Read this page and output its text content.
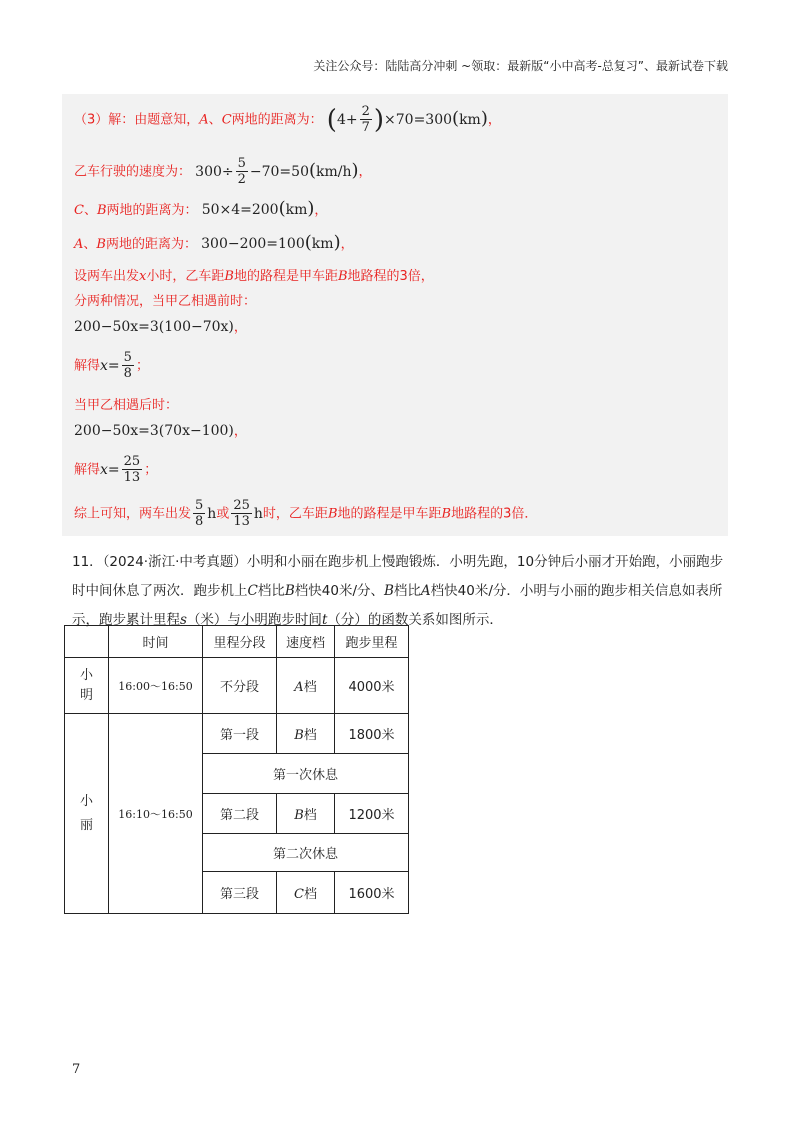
关注公众号：陆陆高分冲刺 ~领取：最新版“小中高考-总复习”、最新试卷下载
（3）解：由题意知，A、C两地的距离为： $(4+ \frac{2}{7} )\times 70=300(km)$，
乙车行驶的速度为： $300\div \frac{5}{2} -70=50(km/h)$，
C、B两地的距离为： 50×4=200(km)，
A、B两地的距离为： 300−200=100(km)，
设两车出发x小时，乙车距B地的路程是甲车距B地路程的3倍，
分两种情况，当甲乙相遇前时：
200−50x=3(100−70x)，
解得$x= \frac{5}{8}$ ；
当甲乙相遇后时：
200−50x=3(70x−100)，
解得$x= \frac{25}{13}$ ；
综上可知，两车出发 $\frac{5}{8}$ h或 $\frac{25}{13}$ h时，乙车距B地的路程是甲车距B地路程的3倍．
11．（2024·浙江·中考真题）小明和小丽在跑步机上慢跑锻炼．小明先跑，10分钟后小丽才开始跑，小丽跑步时中间休息了两次．跑步机上C档比B档快40米/分、B档比A档快40米/分．小明与小丽的跑步相关信息如表所示，跑步累计里程s（米）与小明跑步时间t（分）的函数关系如图所示．
	时间	里程分段	速度档	跑步里程
小明	16:00～16:50	不分段	A档	4000米
小丽	16:10～16:50	第一段	B档	1800米
		第一次休息		
		第二段	B档	1200米
		第二次休息		
		第三段	C档	1600米
7
